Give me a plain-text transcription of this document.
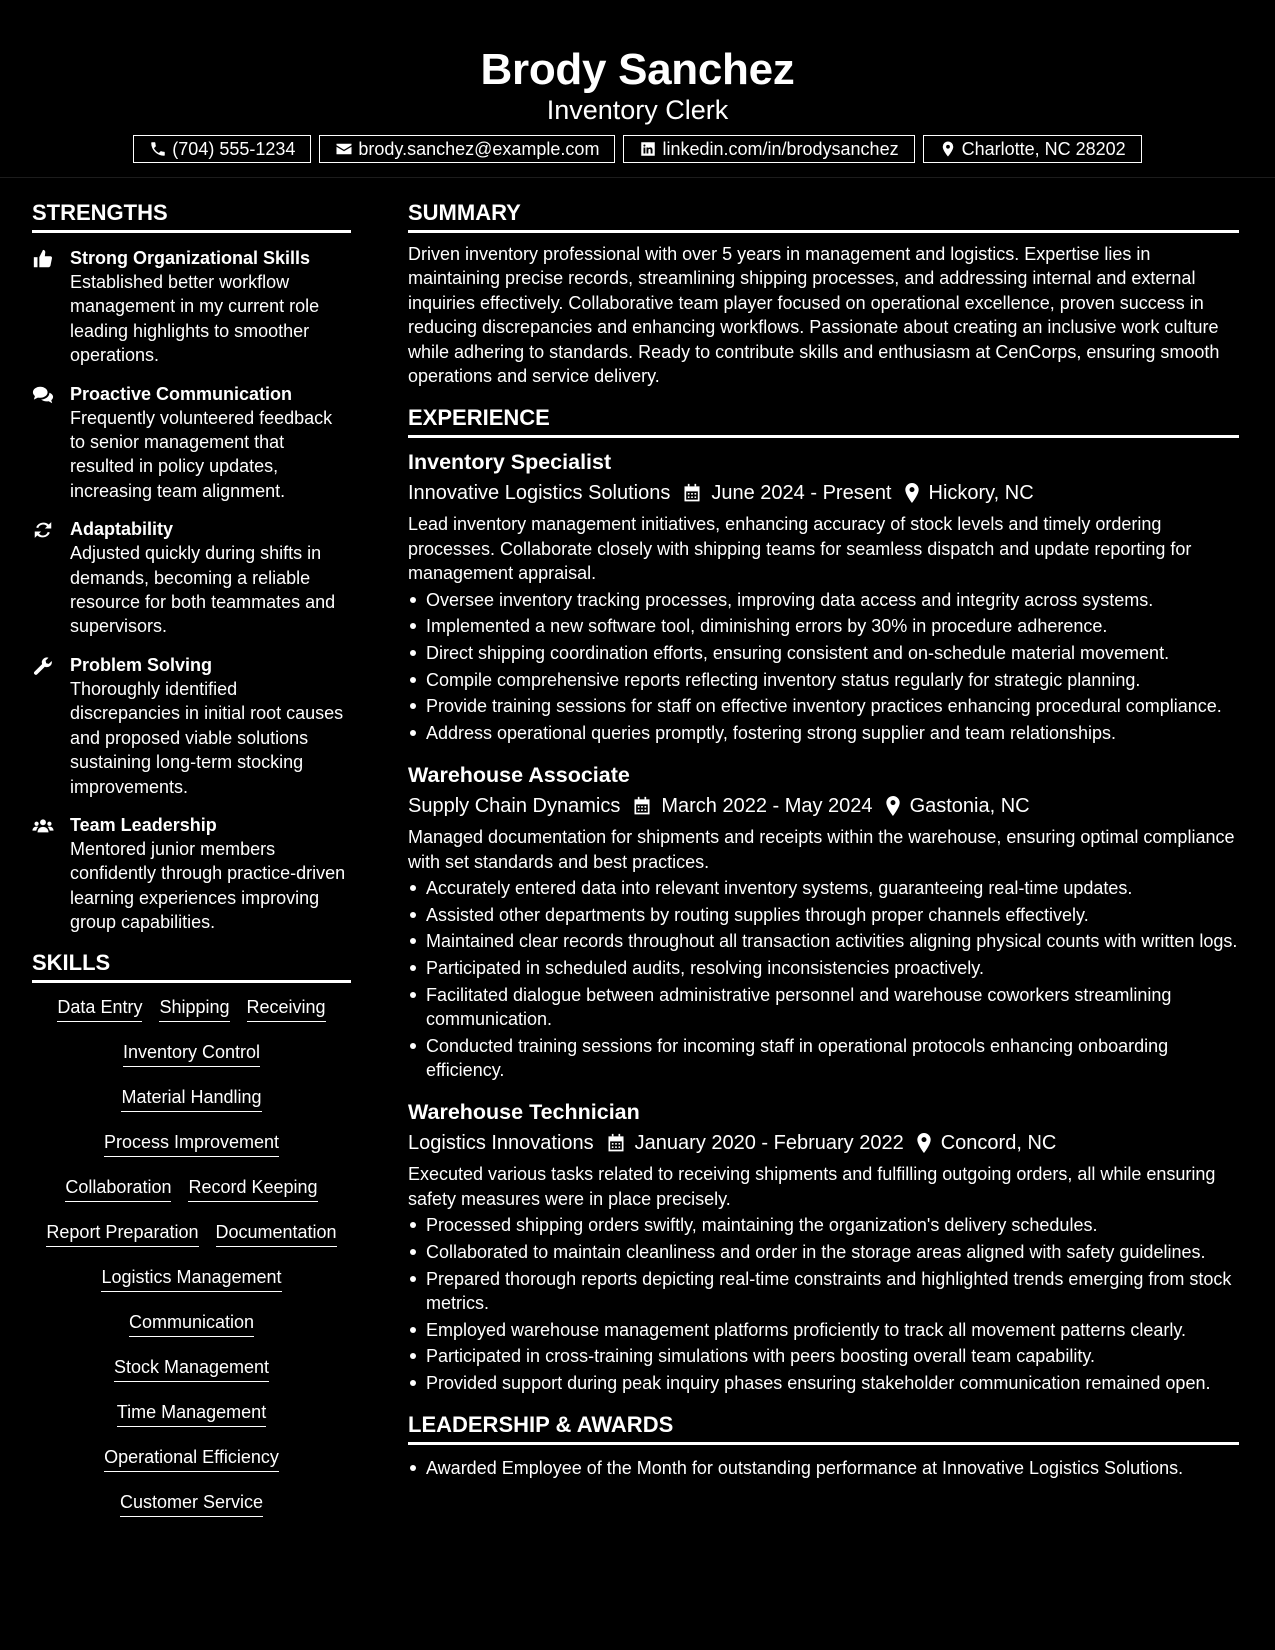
Brody Sanchez
Inventory Clerk
(704) 555-1234	brody.sanchez@example.com	linkedin.com/in/brodysanchez	Charlotte, NC 28202
STRENGTHS
Strong Organizational Skills
Established better workflow management in my current role leading highlights to smoother operations.
Proactive Communication
Frequently volunteered feedback to senior management that resulted in policy updates, increasing team alignment.
Adaptability
Adjusted quickly during shifts in demands, becoming a reliable resource for both teammates and supervisors.
Problem Solving
Thoroughly identified discrepancies in initial root causes and proposed viable solutions sustaining long-term stocking improvements.
Team Leadership
Mentored junior members confidently through practice-driven learning experiences improving group capabilities.
SKILLS
Data Entry Shipping Receiving
Inventory Control
Material Handling
Process Improvement
Collaboration Record Keeping
Report Preparation Documentation
Logistics Management
Communication
Stock Management
Time Management
Operational Efficiency
Customer Service
SUMMARY
Driven inventory professional with over 5 years in management and logistics. Expertise lies in maintaining precise records, streamlining shipping processes, and addressing internal and external inquiries effectively. Collaborative team player focused on operational excellence, proven success in reducing discrepancies and enhancing workflows. Passionate about creating an inclusive work culture while adhering to standards. Ready to contribute skills and enthusiasm at CenCorps, ensuring smooth operations and service delivery.
EXPERIENCE
Inventory Specialist
Innovative Logistics Solutions June 2024 - Present Hickory, NC
Lead inventory management initiatives, enhancing accuracy of stock levels and timely ordering processes. Collaborate closely with shipping teams for seamless dispatch and update reporting for management appraisal.
Oversee inventory tracking processes, improving data access and integrity across systems.
Implemented a new software tool, diminishing errors by 30% in procedure adherence.
Direct shipping coordination efforts, ensuring consistent and on-schedule material movement.
Compile comprehensive reports reflecting inventory status regularly for strategic planning.
Provide training sessions for staff on effective inventory practices enhancing procedural compliance.
Address operational queries promptly, fostering strong supplier and team relationships.
Warehouse Associate
Supply Chain Dynamics March 2022 - May 2024 Gastonia, NC
Managed documentation for shipments and receipts within the warehouse, ensuring optimal compliance with set standards and best practices.
Accurately entered data into relevant inventory systems, guaranteeing real-time updates.
Assisted other departments by routing supplies through proper channels effectively.
Maintained clear records throughout all transaction activities aligning physical counts with written logs.
Participated in scheduled audits, resolving inconsistencies proactively.
Facilitated dialogue between administrative personnel and warehouse coworkers streamlining communication.
Conducted training sessions for incoming staff in operational protocols enhancing onboarding efficiency.
Warehouse Technician
Logistics Innovations January 2020 - February 2022 Concord, NC
Executed various tasks related to receiving shipments and fulfilling outgoing orders, all while ensuring safety measures were in place precisely.
Processed shipping orders swiftly, maintaining the organization's delivery schedules.
Collaborated to maintain cleanliness and order in the storage areas aligned with safety guidelines.
Prepared thorough reports depicting real-time constraints and highlighted trends emerging from stock metrics.
Employed warehouse management platforms proficiently to track all movement patterns clearly.
Participated in cross-training simulations with peers boosting overall team capability.
Provided support during peak inquiry phases ensuring stakeholder communication remained open.
LEADERSHIP & AWARDS
Awarded Employee of the Month for outstanding performance at Innovative Logistics Solutions.
